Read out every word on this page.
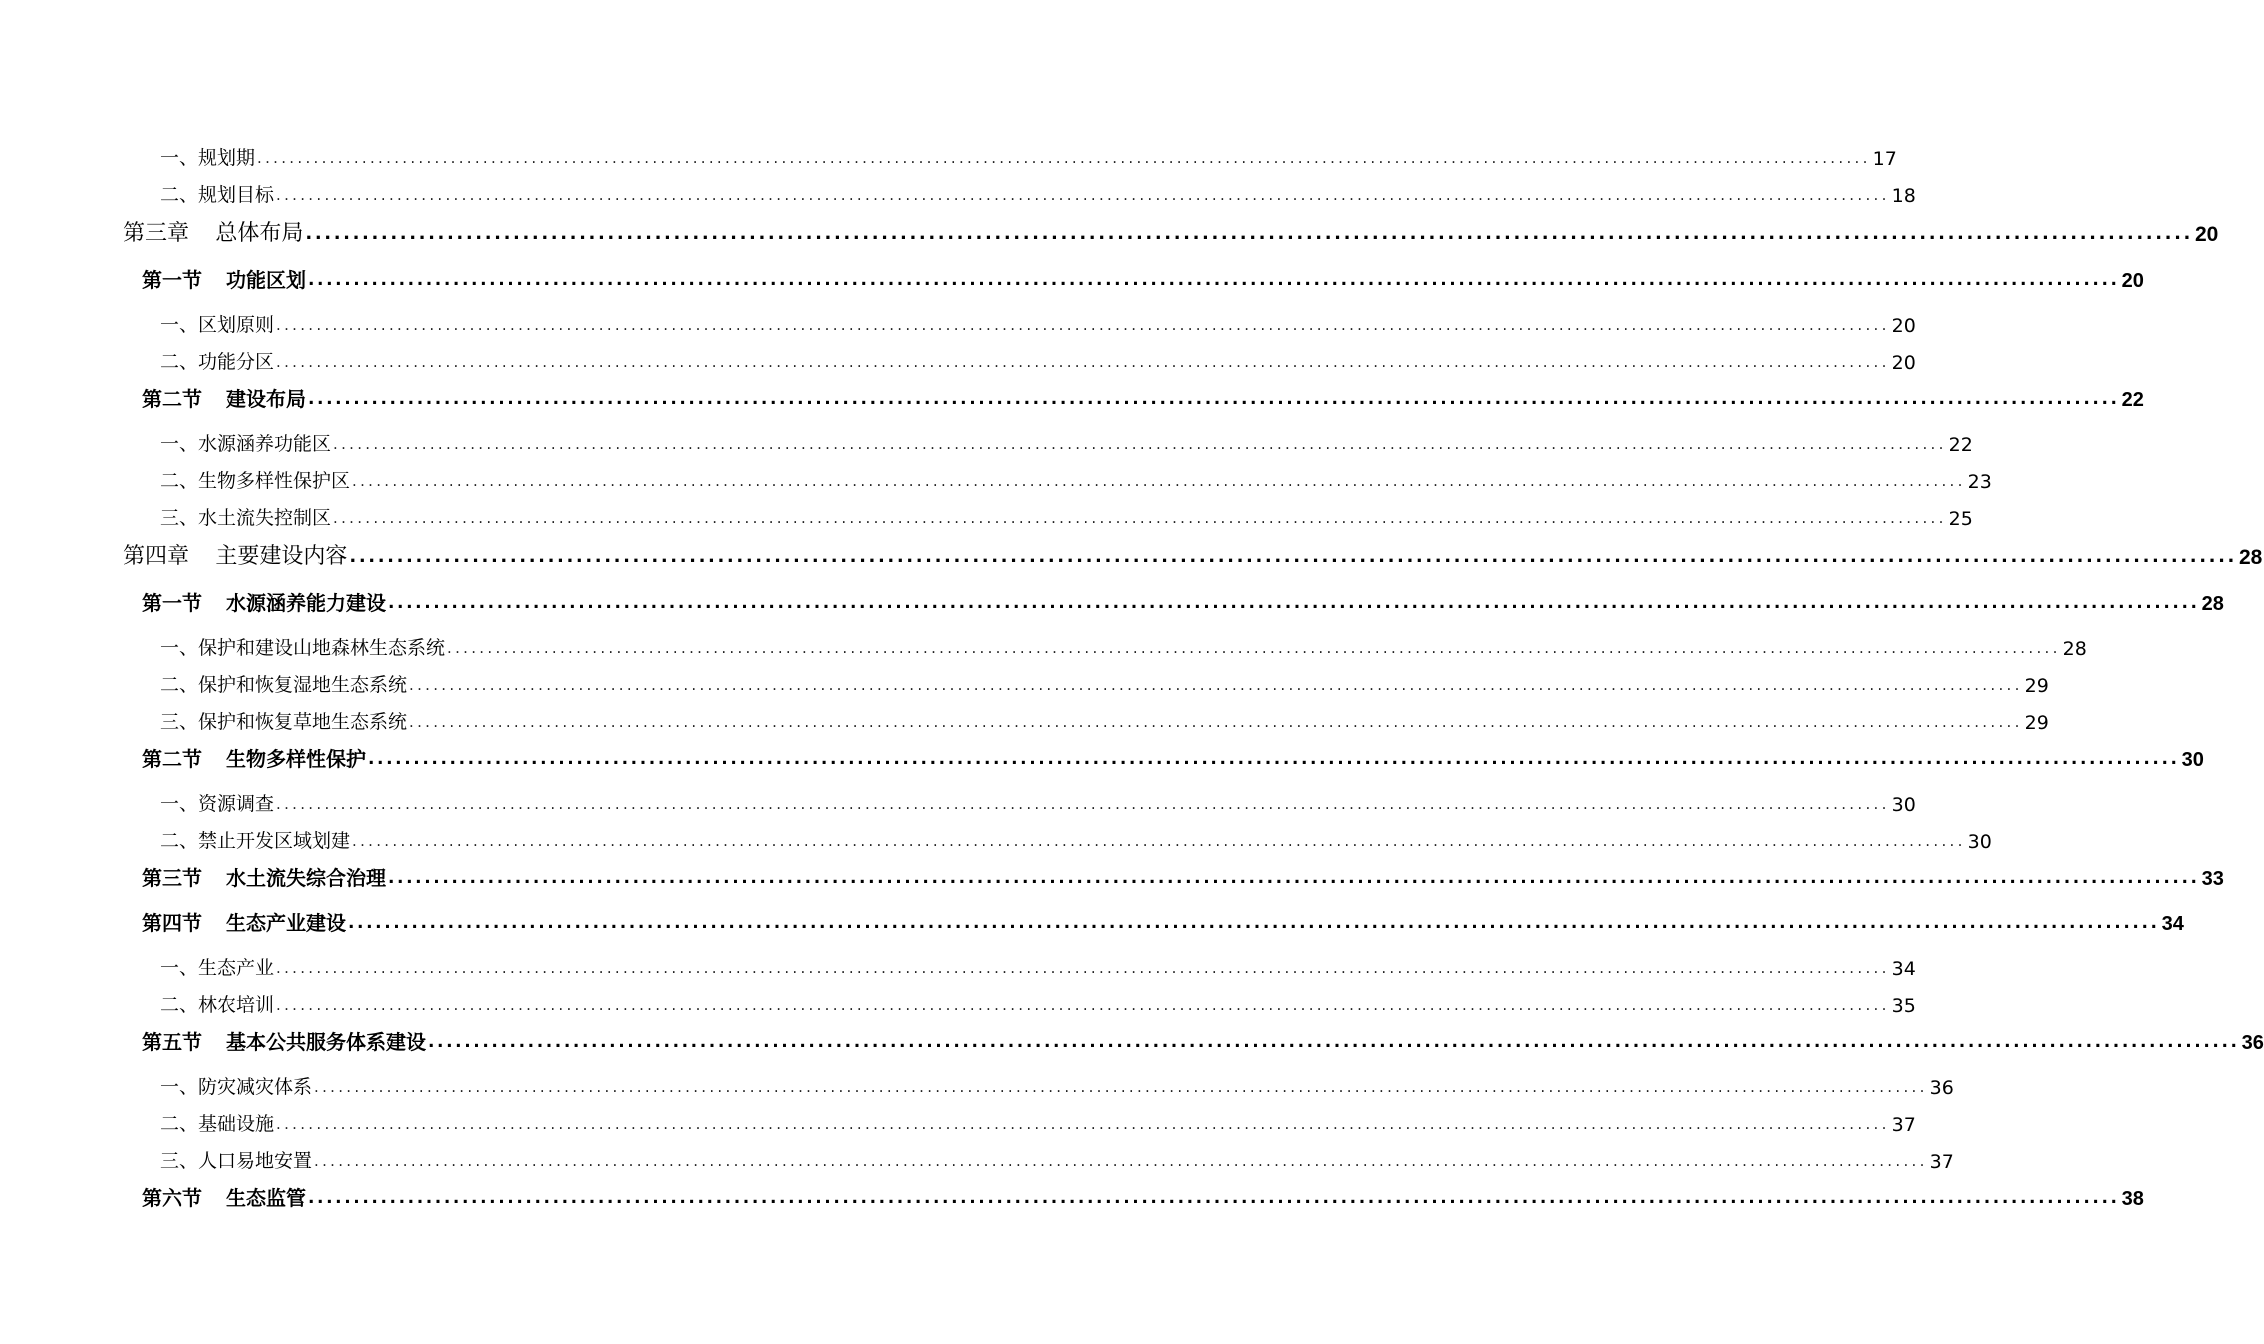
一、规划期 ........................................................................................................................................................................................................ 17
二、规划目标 ........................................................................................................................................................................................................ 18
第三章 总体布局 ........................................................................................................................................................................................................ 20
第一节 功能区划 ........................................................................................................................................................................................................ 20
一、区划原则 ........................................................................................................................................................................................................ 20
二、功能分区 ........................................................................................................................................................................................................ 20
第二节 建设布局 ........................................................................................................................................................................................................ 22
一、水源涵养功能区 ........................................................................................................................................................................................................ 22
二、生物多样性保护区 ........................................................................................................................................................................................................ 23
三、水土流失控制区 ........................................................................................................................................................................................................ 25
第四章 主要建设内容 ........................................................................................................................................................................................................ 28
第一节 水源涵养能力建设 ........................................................................................................................................................................................................ 28
一、保护和建设山地森林生态系统 ........................................................................................................................................................................................................ 28
二、保护和恢复湿地生态系统 ........................................................................................................................................................................................................ 29
三、保护和恢复草地生态系统 ........................................................................................................................................................................................................ 29
第二节 生物多样性保护 ........................................................................................................................................................................................................ 30
一、资源调查 ........................................................................................................................................................................................................ 30
二、禁止开发区域划建 ........................................................................................................................................................................................................ 30
第三节 水土流失综合治理 ........................................................................................................................................................................................................ 33
第四节 生态产业建设 ........................................................................................................................................................................................................ 34
一、生态产业 ........................................................................................................................................................................................................ 34
二、林农培训 ........................................................................................................................................................................................................ 35
第五节 基本公共服务体系建设 ........................................................................................................................................................................................................ 36
一、防灾减灾体系 ........................................................................................................................................................................................................ 36
二、基础设施 ........................................................................................................................................................................................................ 37
三、人口易地安置 ........................................................................................................................................................................................................ 37
第六节 生态监管 ........................................................................................................................................................................................................ 38
